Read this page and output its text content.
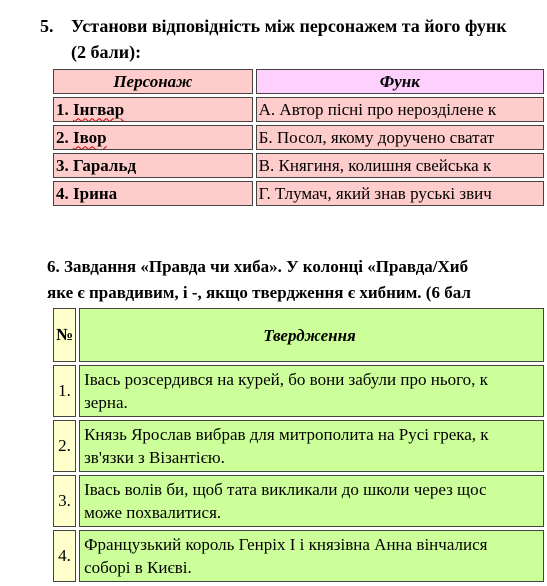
5. Установи відповідність між персонажем та його функ
(2 бали):
Персонаж	Функ
1. Інгвар	А. Автор пісні про нерозділене к
2. Івор	Б. Посол, якому доручено сватат
3. Гаральд	В. Княгиня, колишня свейська к
4. Ірина	Г. Тлумач, який знав руські звич
6. Завдання «Правда чи хиба». У колонці «Правда/Хиб
яке є правдивим, і -, якщо твердження є хибним. (6 бал
№	Твердження
1.	Івась розсердився на курей, бо вони забули про нього, к
зерна.

2.	Князь Ярослав вибрав для митрополита на Русі грека, к
зв'язки з Візантією.

3.	Івась волів би, щоб тата викликали до школи через щос
може похвалитися.

4.	Французький король Генріх І і князівна Анна вінчалися
соборі в Києві.
